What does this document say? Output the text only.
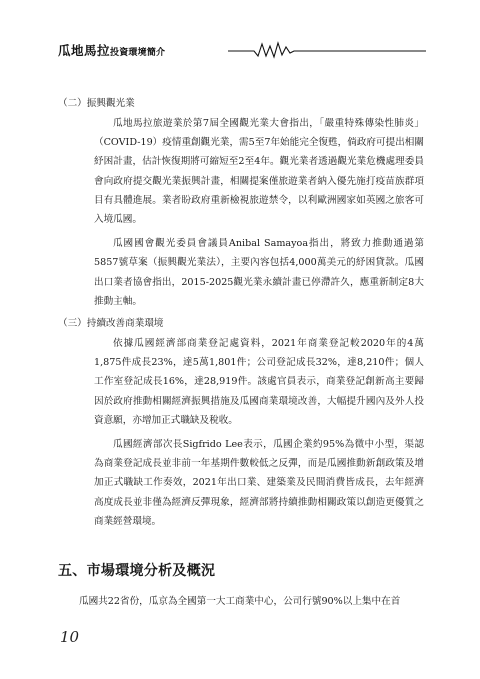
瓜地馬拉投資環境簡介

（二）振興觀光業

瓜地馬拉旅遊業於第7屆全國觀光業大會指出，「嚴重特殊傳染性肺炎」（COVID-19）疫情重創觀光業，需5至7年始能完全復甦，倘政府可提出相關紓困計畫，估計恢復期將可縮短至2至4年。觀光業者透過觀光業危機處理委員會向政府提交觀光業振興計畫，相關提案僅旅遊業者納入優先施打疫苗族群項目有具體進展。業者盼政府重新檢視旅遊禁令，以利歐洲國家如英國之旅客可入境瓜國。

瓜國國會觀光委員會議員Anibal Samayoa指出，將致力推動通過第5857號草案（振興觀光業法），主要內容包括4,000萬美元的紓困貸款。瓜國出口業者協會指出，2015-2025觀光業永續計畫已停滯許久，應重新制定8大推動主軸。

（三）持續改善商業環境

依據瓜國經濟部商業登記處資料，2021年商業登記較2020年的4萬1,875件成長23%，達5萬1,801件；公司登記成長32%，達8,210件；個人工作室登記成長16%，達28,919件。該處官員表示，商業登記創新高主要歸因於政府推動相關經濟振興措施及瓜國商業環境改善，大幅提升國內及外人投資意願，亦增加正式職缺及稅收。

瓜國經濟部次長Sigfrido Lee表示，瓜國企業約95%為微中小型，渠認為商業登記成長並非前一年基期件數較低之反彈，而是瓜國推動新創政策及增加正式職缺工作奏效，2021年出口業、建築業及民間消費皆成長，去年經濟高度成長並非僅為經濟反彈現象，經濟部將持續推動相關政策以創造更優質之商業經營環境。

五、市場環境分析及概況

瓜國共22省份，瓜京為全國第一大工商業中心，公司行號90%以上集中在首

10
